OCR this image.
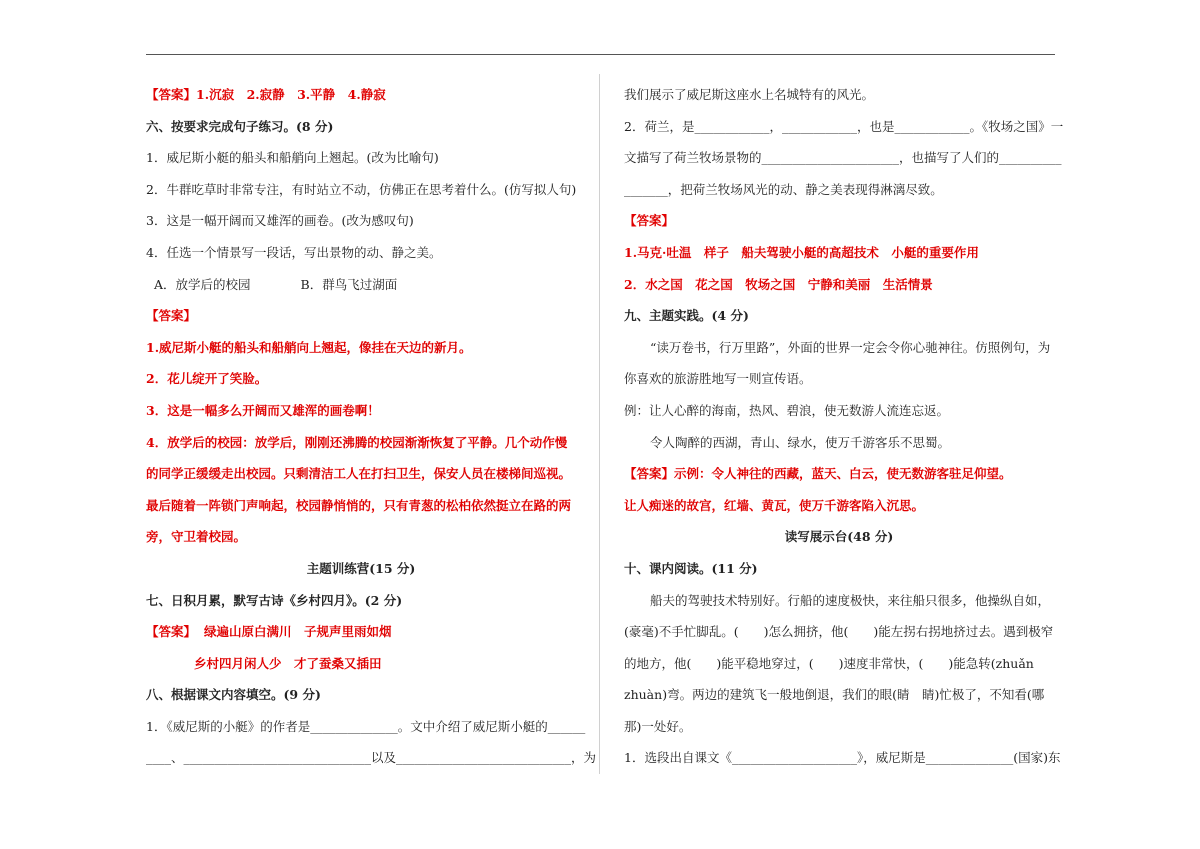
【答案】1.沉寂　2.寂静　3.平静　4.静寂
六、按要求完成句子练习。(8 分)
1．威尼斯小艇的船头和船艄向上翘起。(改为比喻句)
2．牛群吃草时非常专注，有时站立不动，仿佛正在思考着什么。(仿写拟人句)
3．这是一幅开阔而又雄浑的画卷。(改为感叹句)
4．任选一个情景写一段话，写出景物的动、静之美。
A．放学后的校园　　　　B．群鸟飞过湖面
【答案】
1.威尼斯小艇的船头和船艄向上翘起，像挂在天边的新月。
2．花儿绽开了笑脸。
3．这是一幅多么开阔而又雄浑的画卷啊！
4．放学后的校园：放学后，刚刚还沸腾的校园渐渐恢复了平静。几个动作慢的同学正缓缓走出校园。只剩清洁工人在打扫卫生，保安人员在楼梯间巡视。最后随着一阵锁门声响起，校园静悄悄的，只有青葱的松柏依然挺立在路的两旁，守卫着校园。
主题训练营(15 分)
七、日积月累，默写古诗《乡村四月》。(2 分)
【答案】 绿遍山原白满川　子规声里雨如烟
乡村四月闲人少　才了蚕桑又插田
八、根据课文内容填空。(9 分)
1．《威尼斯的小艇》的作者是______________。文中介绍了威尼斯小艇的______
____、______________________________以及____________________________，为
我们展示了威尼斯这座水上名城特有的风光。
2．荷兰，是____________，____________，也是____________。《牧场之国》一
文描写了荷兰牧场景物的______________________，也描写了人们的__________
_______，把荷兰牧场风光的动、静之美表现得淋漓尽致。
【答案】
1.马克·吐温　样子　船夫驾驶小艇的高超技术　小艇的重要作用
2．水之国　花之国　牧场之国　宁静和美丽　生活情景
九、主题实践。(4 分)
“读万卷书，行万里路”，外面的世界一定会令你心驰神往。仿照例句，为你喜欢的旅游胜地写一则宣传语。
例：让人心醉的海南，热风、碧浪，使无数游人流连忘返。
令人陶醉的西湖，青山、绿水，使万千游客乐不思蜀。
【答案】示例：令人神往的西藏，蓝天、白云，使无数游客驻足仰望。
让人痴迷的故宫，红墙、黄瓦，使万千游客陷入沉思。
读写展示台(48 分)
十、课内阅读。(11 分)
船夫的驾驶技术特别好。行船的速度极快，来往船只很多，他操纵自如，(豪毫)不手忙脚乱。(　　)怎么拥挤，他(　　)能左拐右拐地挤过去。遇到极窄的地方，他(　　)能平稳地穿过，(　　)速度非常快，(　　)能急转(zhuǎn　zhuàn)弯。两边的建筑飞一般地倒退，我们的眼(睛　睛)忙极了，不知看(哪　那)一处好。
1．选段出自课文《____________________》，威尼斯是______________(国家)东
